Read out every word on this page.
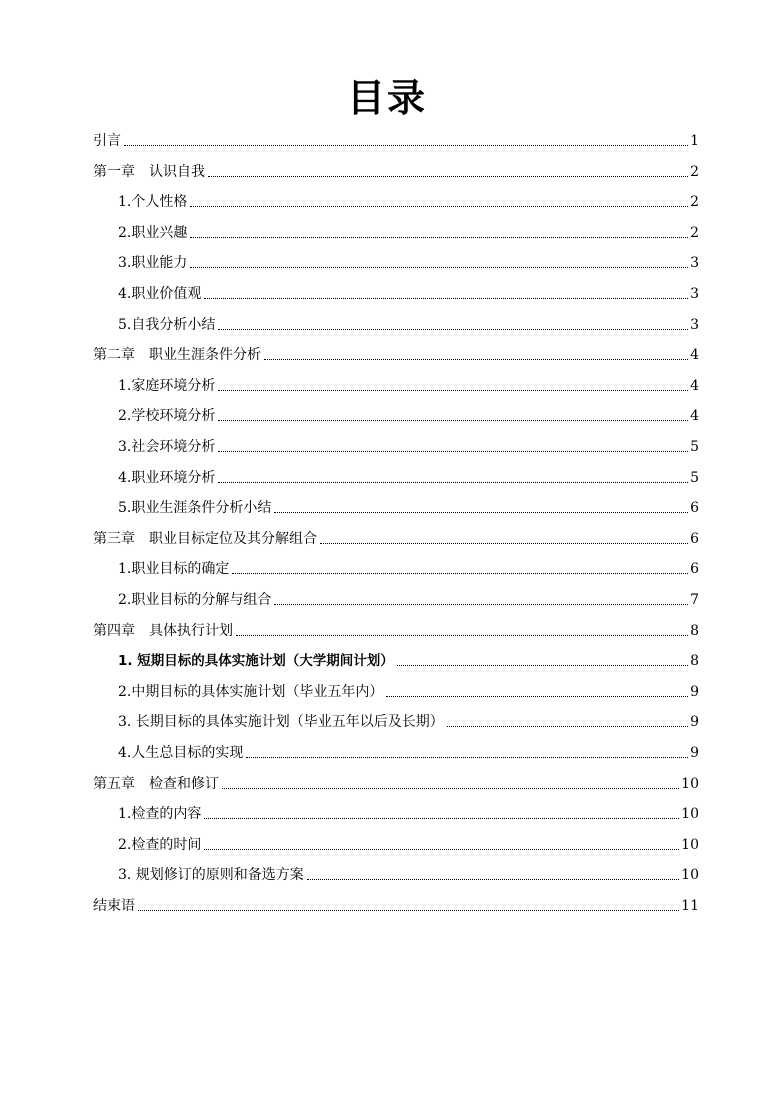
目录
引言	1
第一章　认识自我	2
1.个人性格	2
2.职业兴趣	2
3.职业能力	3
4.职业价值观	3
5.自我分析小结	3
第二章　职业生涯条件分析	4
1.家庭环境分析	4
2.学校环境分析	4
3.社会环境分析	5
4.职业环境分析	5
5.职业生涯条件分析小结	6
第三章　职业目标定位及其分解组合	6
1.职业目标的确定	6
2.职业目标的分解与组合	7
第四章　具体执行计划	8
1. 短期目标的具体实施计划（大学期间计划）	8
2.中期目标的具体实施计划（毕业五年内）	9
3. 长期目标的具体实施计划（毕业五年以后及长期）	9
4.人生总目标的实现	9
第五章　检查和修订	10
1.检查的内容	10
2.检查的时间	10
3. 规划修订的原则和备选方案	10
结束语	11
